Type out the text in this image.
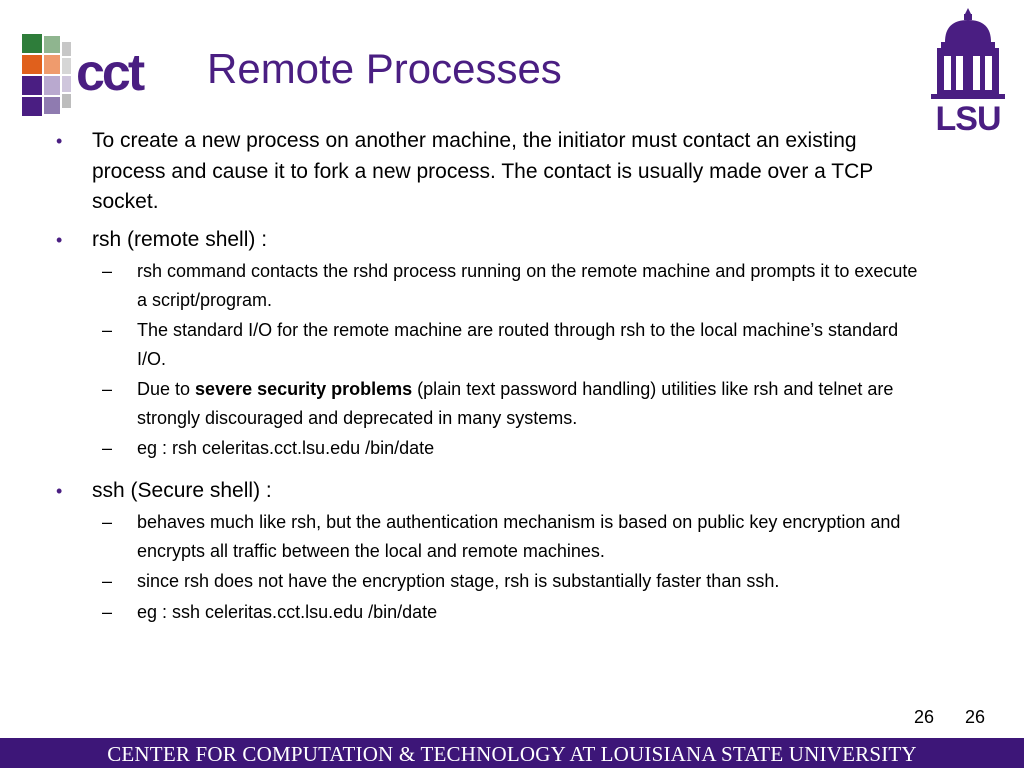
cct
LSU
Remote Processes
• To create a new process on another machine, the initiator must contact an existing process and cause it to fork a new process. The contact is usually made over a TCP socket.
• rsh (remote shell) :
– rsh command contacts the rshd process running on the remote machine and prompts it to execute a script/program.
– The standard I/O for the remote machine are routed through rsh to the local machine’s standard I/O.
– Due to severe security problems (plain text password handling) utilities like rsh and telnet are strongly discouraged and deprecated in many systems.
– eg : rsh celeritas.cct.lsu.edu /bin/date
• ssh (Secure shell) :
– behaves much like rsh, but the authentication mechanism is based on public key encryption and encrypts all traffic between the local and remote machines.
– since rsh does not have the encryption stage, rsh is substantially faster than ssh.
– eg : ssh celeritas.cct.lsu.edu /bin/date
26 26
CENTER FOR COMPUTATION & TECHNOLOGY AT LOUISIANA STATE UNIVERSITY
